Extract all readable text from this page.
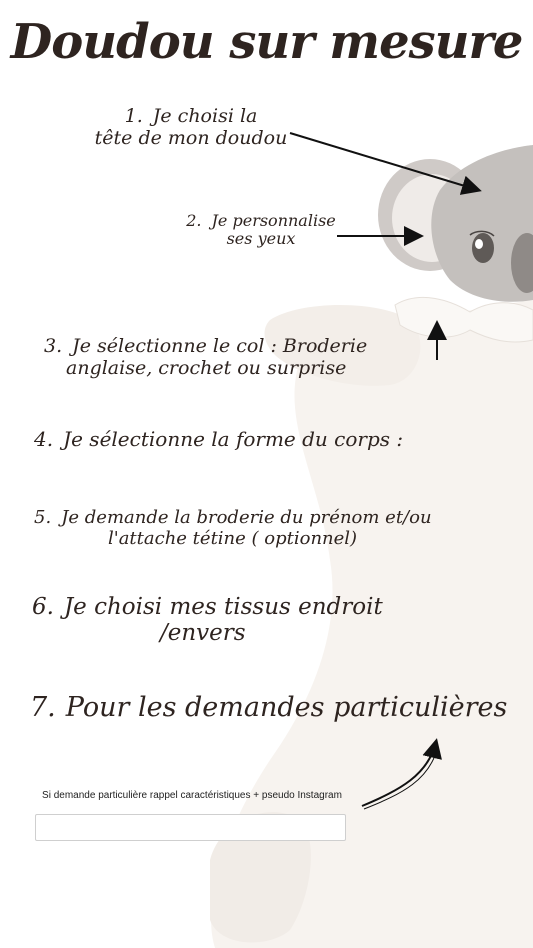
Doudou sur mesure
1. Je choisi la
tête de mon doudou
2. Je personnalise
ses yeux
3. Je sélectionne le col : Broderie
anglaise, crochet ou surprise
4. Je sélectionne la forme du corps :
5. Je demande la broderie du prénom et/ou
l'attache tétine ( optionnel)
6. Je choisi mes tissus endroit
/envers
7. Pour les demandes particulières
Si demande particulière rappel caractéristiques + pseudo Instagram
